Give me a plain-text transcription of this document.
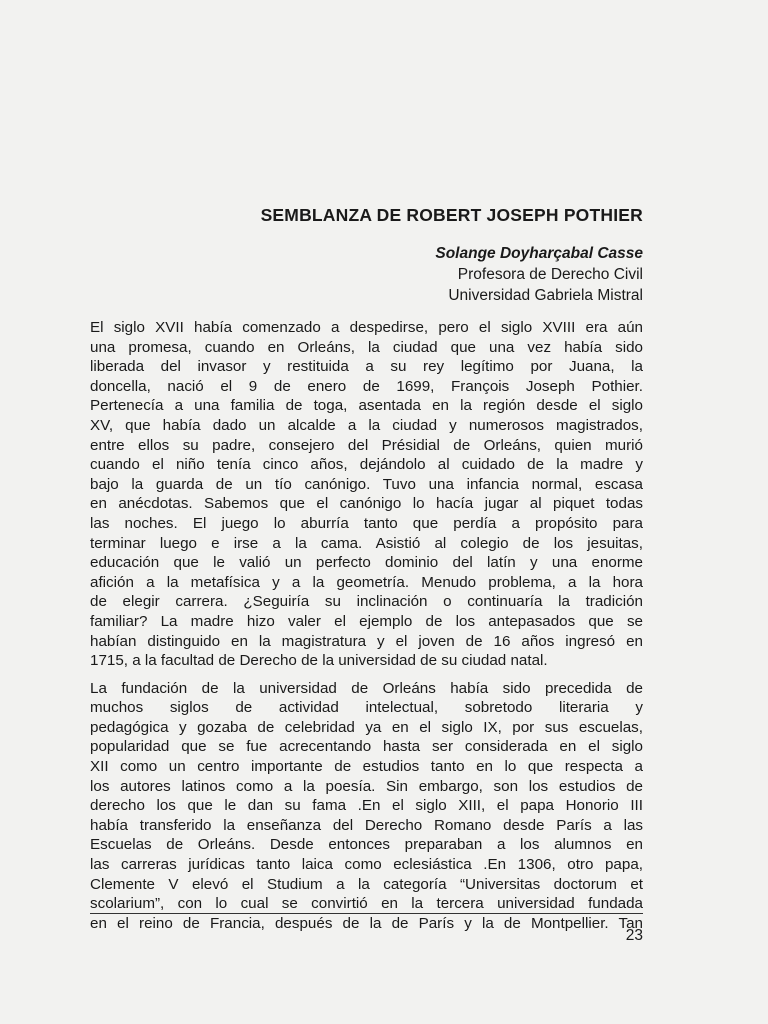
SEMBLANZA DE ROBERT JOSEPH POTHIER
Solange Doyharçabal Casse
Profesora de Derecho Civil
Universidad Gabriela Mistral

El siglo XVII había comenzado a despedirse, pero el siglo XVIII era aún
una promesa, cuando en Orleáns, la ciudad que una vez había sido
liberada del invasor y restituida a su rey legítimo por Juana, la
doncella, nació el 9 de enero de 1699, François Joseph Pothier.
Pertenecía a una familia de toga, asentada en la región desde el siglo
XV, que había dado un alcalde a la ciudad y numerosos magistrados,
entre ellos su padre, consejero del Présidial de Orleáns, quien murió
cuando el niño tenía cinco años, dejándolo al cuidado de la madre y
bajo la guarda de un tío canónigo. Tuvo una infancia normal, escasa
en anécdotas. Sabemos que el canónigo lo hacía jugar al piquet todas
las noches. El juego lo aburría tanto que perdía a propósito para
terminar luego e irse a la cama. Asistió al colegio de los jesuitas,
educación que le valió un perfecto dominio del latín y una enorme
afición a la metafísica y a la geometría. Menudo problema, a la hora
de elegir carrera. ¿Seguiría su inclinación o continuaría la tradición
familiar? La madre hizo valer el ejemplo de los antepasados que se
habían distinguido en la magistratura y el joven de 16 años ingresó en
1715, a la facultad de Derecho de la universidad de su ciudad natal.

La fundación de la universidad de Orleáns había sido precedida de
muchos siglos de actividad intelectual, sobretodo literaria y
pedagógica y gozaba de celebridad ya en el siglo IX, por sus escuelas,
popularidad que se fue acrecentando hasta ser considerada en el siglo
XII como un centro importante de estudios tanto en lo que respecta a
los autores latinos como a la poesía. Sin embargo, son los estudios de
derecho los que le dan su fama .En el siglo XIII, el papa Honorio III
había transferido la enseñanza del Derecho Romano desde París a las
Escuelas de Orleáns. Desde entonces preparaban a los alumnos en
las carreras jurídicas tanto laica como eclesiástica .En 1306, otro papa,
Clemente V elevó el Studium a la categoría “Universitas doctorum et
scolarium”, con lo cual se convirtió en la tercera universidad fundada
en el reino de Francia, después de la de París y la de Montpellier. Tan

23
